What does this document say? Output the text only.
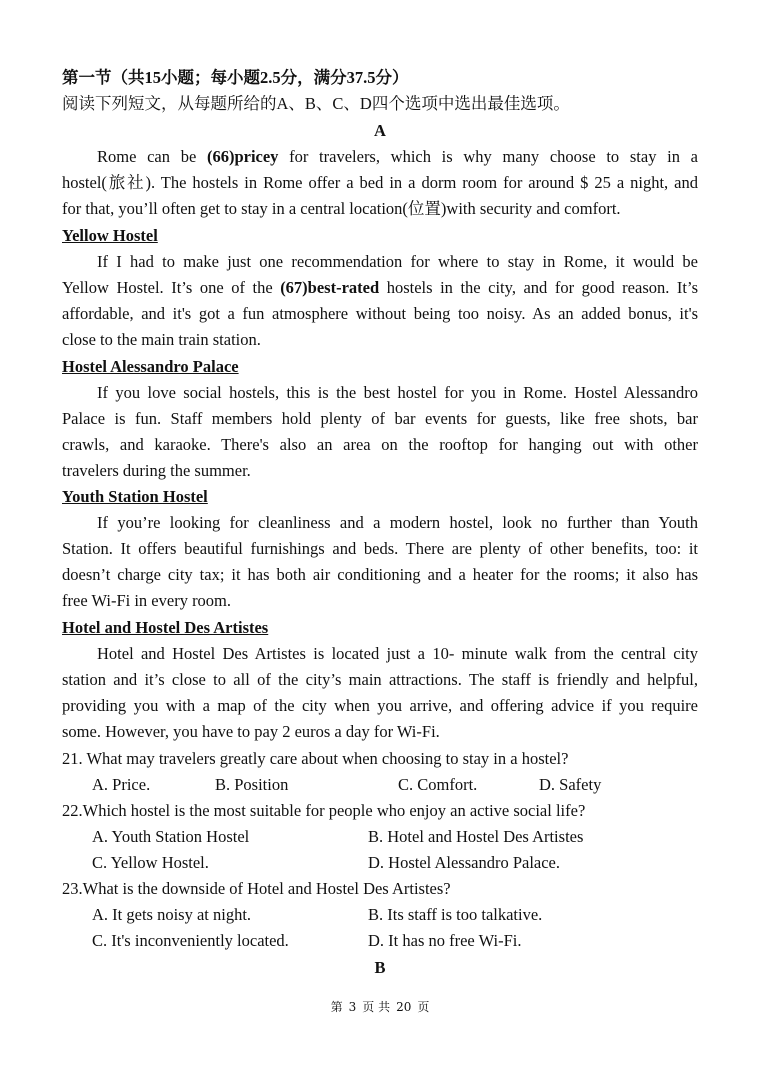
第一节（共15小题；每小题2.5分，满分37.5分）
阅读下列短文，从每题所给的A、B、C、D四个选项中选出最佳选项。
A
Rome can be (66)pricey for travelers, which is why many choose to stay in a
hostel(旅社). The hostels in Rome offer a bed in a dorm room for around $ 25 a night, and
for that, you’ll often get to stay in a central location(位置)with security and comfort.
Yellow Hostel
If I had to make just one recommendation for where to stay in Rome, it would be
Yellow Hostel. It’s one of the (67)best-rated hostels in the city, and for good reason. It’s
affordable, and it's got a fun atmosphere without being too noisy. As an added bonus, it's
close to the main train station.
Hostel Alessandro Palace
If you love social hostels, this is the best hostel for you in Rome. Hostel Alessandro
Palace is fun. Staff members hold plenty of bar events for guests, like free shots, bar
crawls, and karaoke. There's also an area on the rooftop for hanging out with other
travelers during the summer.
Youth Station Hostel
If you’re looking for cleanliness and a modern hostel, look no further than Youth
Station. It offers beautiful furnishings and beds. There are plenty of other benefits, too: it
doesn’t charge city tax; it has both air conditioning and a heater for the rooms; it also has
free Wi-Fi in every room.
Hotel and Hostel Des Artistes
Hotel and Hostel Des Artistes is located just a 10- minute walk from the central city
station and it’s close to all of the city’s main attractions. The staff is friendly and helpful,
providing you with a map of the city when you arrive, and offering advice if you require
some. However, you have to pay 2 euros a day for Wi-Fi.
21. What may travelers greatly care about when choosing to stay in a hostel?
A. Price.	B. Position	C. Comfort.	D. Safety
22.Which hostel is the most suitable for people who enjoy an active social life?
A. Youth Station Hostel	B. Hotel and Hostel Des Artistes
C. Yellow Hostel.	D. Hostel Alessandro Palace.
23.What is the downside of Hotel and Hostel Des Artistes?
A. It gets noisy at night.	B. Its staff is too talkative.
C. It's inconveniently located.	D. It has no free Wi-Fi.
B
第 3 页 共 20 页
